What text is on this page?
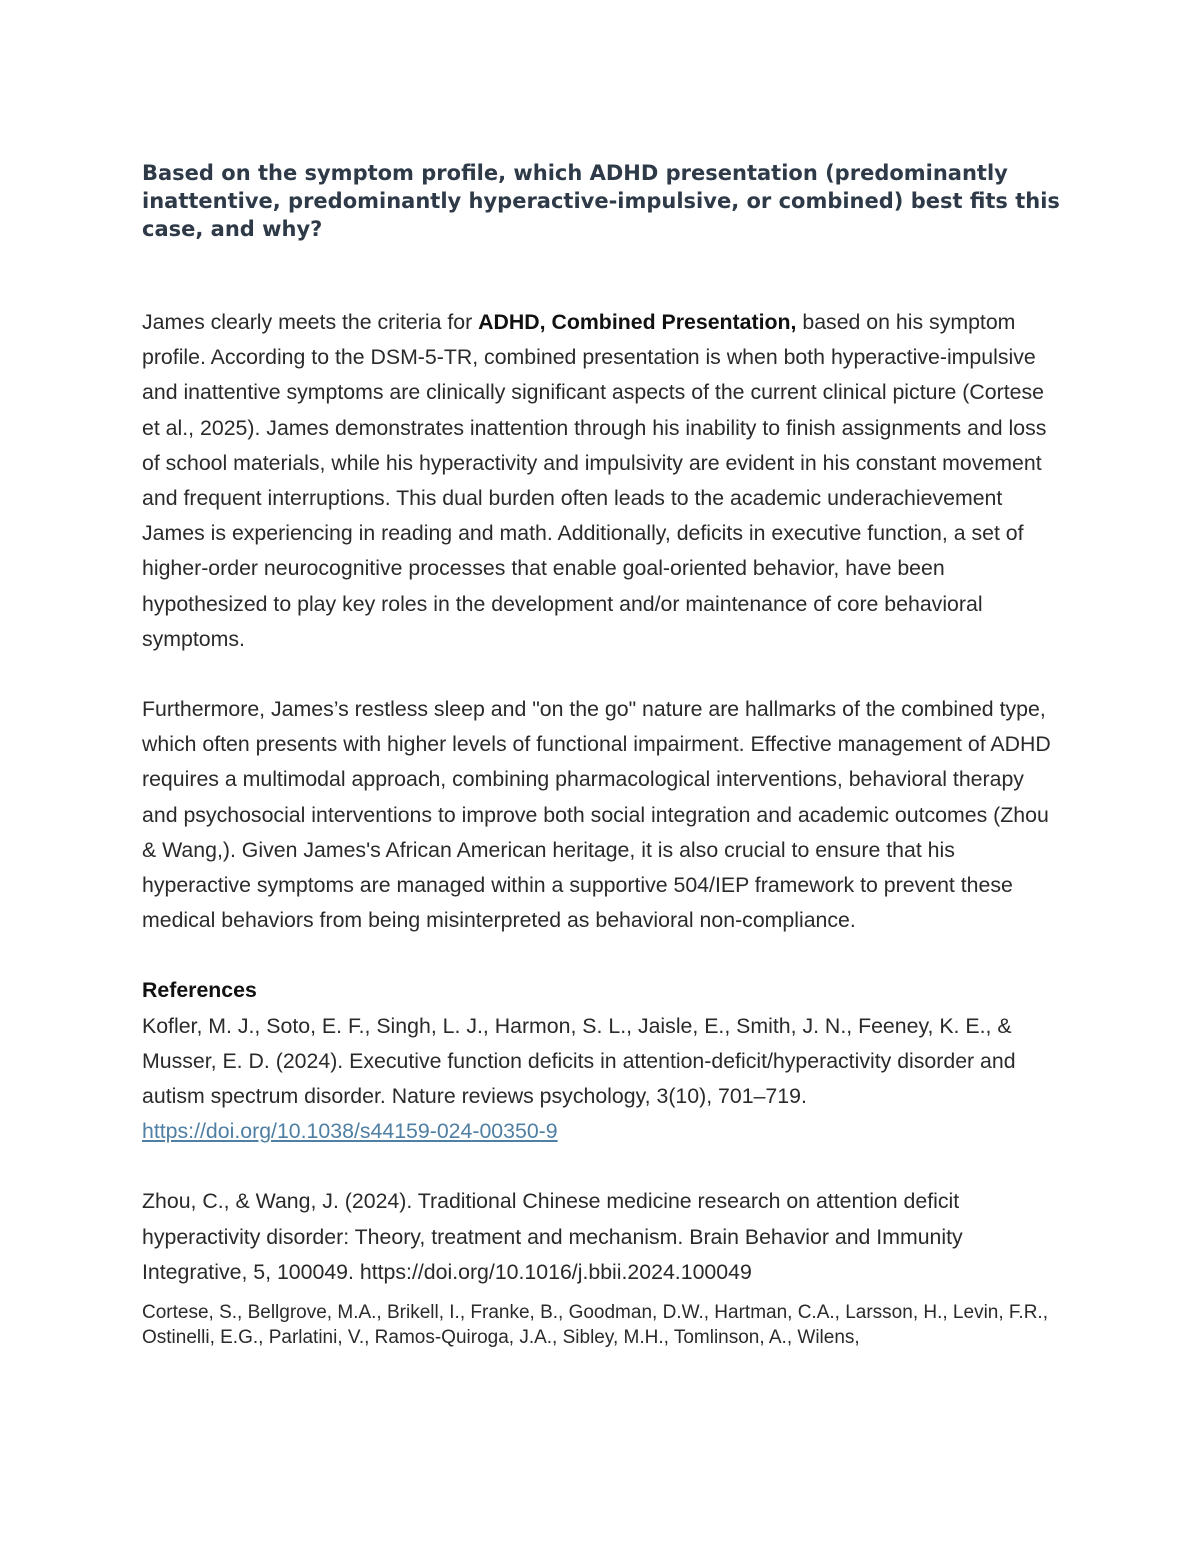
Based on the symptom profile, which ADHD presentation (predominantly inattentive, predominantly hyperactive-impulsive, or combined) best fits this case, and why?

James clearly meets the criteria for ADHD, Combined Presentation, based on his symptom profile. According to the DSM-5-TR, combined presentation is when both hyperactive-impulsive and inattentive symptoms are clinically significant aspects of the current clinical picture (Cortese et al., 2025). James demonstrates inattention through his inability to finish assignments and loss of school materials, while his hyperactivity and impulsivity are evident in his constant movement and frequent interruptions. This dual burden often leads to the academic underachievement James is experiencing in reading and math. Additionally, deficits in executive function, a set of higher-order neurocognitive processes that enable goal-oriented behavior, have been hypothesized to play key roles in the development and/or maintenance of core behavioral symptoms.

Furthermore, James’s restless sleep and "on the go" nature are hallmarks of the combined type, which often presents with higher levels of functional impairment. Effective management of ADHD requires a multimodal approach, combining pharmacological interventions, behavioral therapy and psychosocial interventions to improve both social integration and academic outcomes (Zhou & Wang,). Given James's African American heritage, it is also crucial to ensure that his hyperactive symptoms are managed within a supportive 504/IEP framework to prevent these medical behaviors from being misinterpreted as behavioral non-compliance.

References

Kofler, M. J., Soto, E. F., Singh, L. J., Harmon, S. L., Jaisle, E., Smith, J. N., Feeney, K. E., & Musser, E. D. (2024). Executive function deficits in attention-deficit/hyperactivity disorder and autism spectrum disorder. Nature reviews psychology, 3(10), 701–719. https://doi.org/10.1038/s44159-024-00350-9

Zhou, C., & Wang, J. (2024). Traditional Chinese medicine research on attention deficit hyperactivity disorder: Theory, treatment and mechanism. Brain Behavior and Immunity Integrative, 5, 100049. https://doi.org/10.1016/j.bbii.2024.100049

Cortese, S., Bellgrove, M.A., Brikell, I., Franke, B., Goodman, D.W., Hartman, C.A., Larsson, H., Levin, F.R., Ostinelli, E.G., Parlatini, V., Ramos-Quiroga, J.A., Sibley, M.H., Tomlinson, A., Wilens,
